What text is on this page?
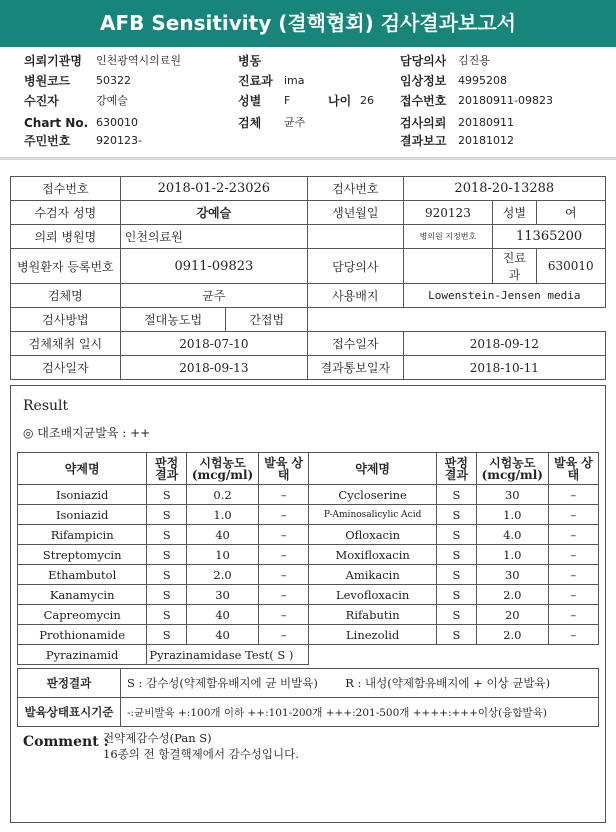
AFB Sensitivity (결핵협회) 검사결과보고서
의뢰기관명 인천광역시의료원	병동	담당의사 김진용
병원코드 50322	진료과 ima	임상정보 4995208
수진자	강예슬	성별 F	나이 26 접수번호 20180911-09823
Chart No. 630010	검체 균주	검사의뢰 20180911
주민번호 920123-	결과보고 20181012
접수번호	2018-01-2-23026		검사번호	2018-20-13288		
수검자 성명	강예슬		생년월일	920123	성별	여
의뢰 병원명	인천의료원			병의원 지정번호	11365200	
병원환자 등록번호	0911-09823		담당의사		진료과	630010
검체명	균주		사용배지	Lowenstein-Jensen media		
검사방법	절대농도법	간접법				
검체채취 일시	2018-07-10		접수일자	2018-09-12		
검사일자	2018-09-13		결과통보일자	2018-10-11		
Result
◎ 대조배지균발육 : ++
약제명	판정 결과	시험농도 (mcg/ml)	발육 상태	약제명	판정 결과	시험농도 (mcg/ml)	발육 상태
Isoniazid	S	0.2	–	Cycloserine	S	30	–
Isoniazid	S	1.0	–	P-Aminosalicylic Acid	S	1.0	–
Rifampicin	S	40	–	Ofloxacin	S	4.0	–
Streptomycin	S	10	–	Moxifloxacin	S	1.0	–
Ethambutol	S	2.0	–	Amikacin	S	30	–
Kanamycin	S	30	–	Levofloxacin	S	2.0	–
Capreomycin	S	40	–	Rifabutin	S	20	–
Prothionamide	S	40	–	Linezolid	S	2.0	–
Pyrazinamid	Pyrazinamidase Test( S )						
판정결과	S : 감수성(약제함유배지에 균 비발육) R : 내성(약제함유배지에 + 이상 균발육)
발육상태표시기준	-:균비발육 +:100개 이하 ++:101-200개 +++:201-500개 ++++:+++이상(융합발육)
Comment :
전약제감수성(Pan S)
16종의 전 항결핵제에서 감수성입니다.
